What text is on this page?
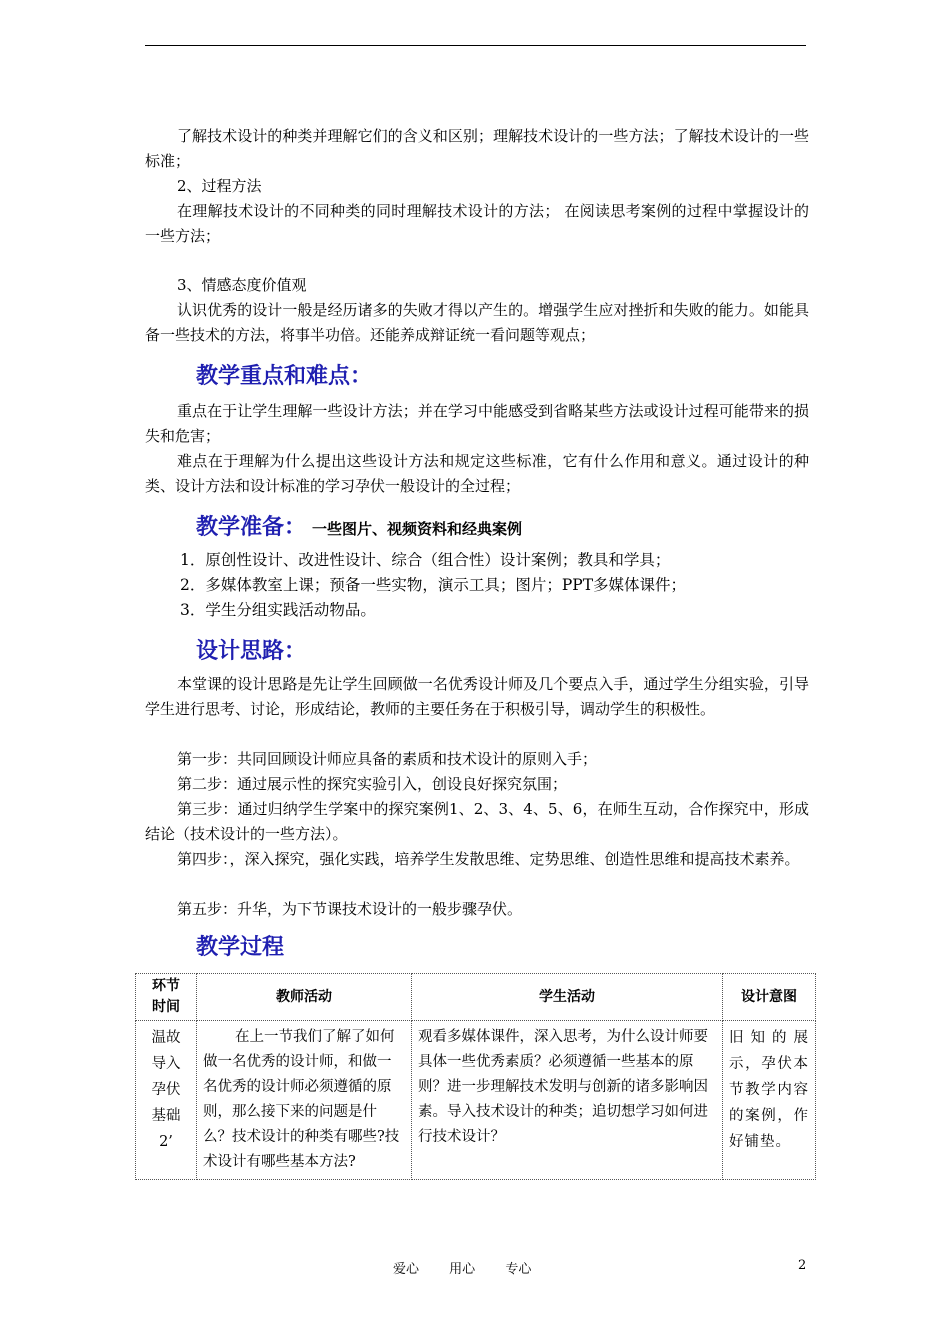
了解技术设计的种类并理解它们的含义和区别；理解技术设计的一些方法；了解技术设计的一些标准；

2、过程方法

在理解技术设计的不同种类的同时理解技术设计的方法； 在阅读思考案例的过程中掌握设计的一些方法；

3、情感态度价值观

认识优秀的设计一般是经历诸多的失败才得以产生的。增强学生应对挫折和失败的能力。如能具备一些技术的方法，将事半功倍。还能养成辩证统一看问题等观点；

教学重点和难点：

重点在于让学生理解一些设计方法；并在学习中能感受到省略某些方法或设计过程可能带来的损失和危害；

难点在于理解为什么提出这些设计方法和规定这些标准，它有什么作用和意义。通过设计的种类、设计方法和设计标准的学习孕伏一般设计的全过程；

教学准备： 一些图片、视频资料和经典案例

1．原创性设计、改进性设计、综合（组合性）设计案例；教具和学具；

2．多媒体教室上课；预备一些实物，演示工具；图片；PPT多媒体课件；

3．学生分组实践活动物品。

设计思路：

本堂课的设计思路是先让学生回顾做一名优秀设计师及几个要点入手，通过学生分组实验，引导学生进行思考、讨论，形成结论，教师的主要任务在于积极引导，调动学生的积极性。

第一步：共同回顾设计师应具备的素质和技术设计的原则入手；

第二步：通过展示性的探究实验引入，创设良好探究氛围；

第三步：通过归纳学生学案中的探究案例1、2、3、4、5、6，在师生互动，合作探究中，形成结论（技术设计的一些方法）。

第四步：，深入探究，强化实践，培养学生发散思维、定势思维、创造性思维和提高技术素养。

第五步：升华，为下节课技术设计的一般步骤孕伏。

教学过程
环节时间	教师活动	学生活动	设计意图

温故导入孕伏基础2’	在上一节我们了解了如何做一名优秀的设计师，和做一名优秀的设计师必须遵循的原则，那么接下来的问题是什么？技术设计的种类有哪些?技术设计有哪些基本方法?	观看多媒体课件，深入思考，为什么设计师要具体一些优秀素质？必须遵循一些基本的原则？进一步理解技术发明与创新的诸多影响因素。导入技术设计的种类；追切想学习如何进行技术设计？	旧知的展示，孕伏本节教学内容的案例，作好铺垫。
爱心 用心 专心	2
